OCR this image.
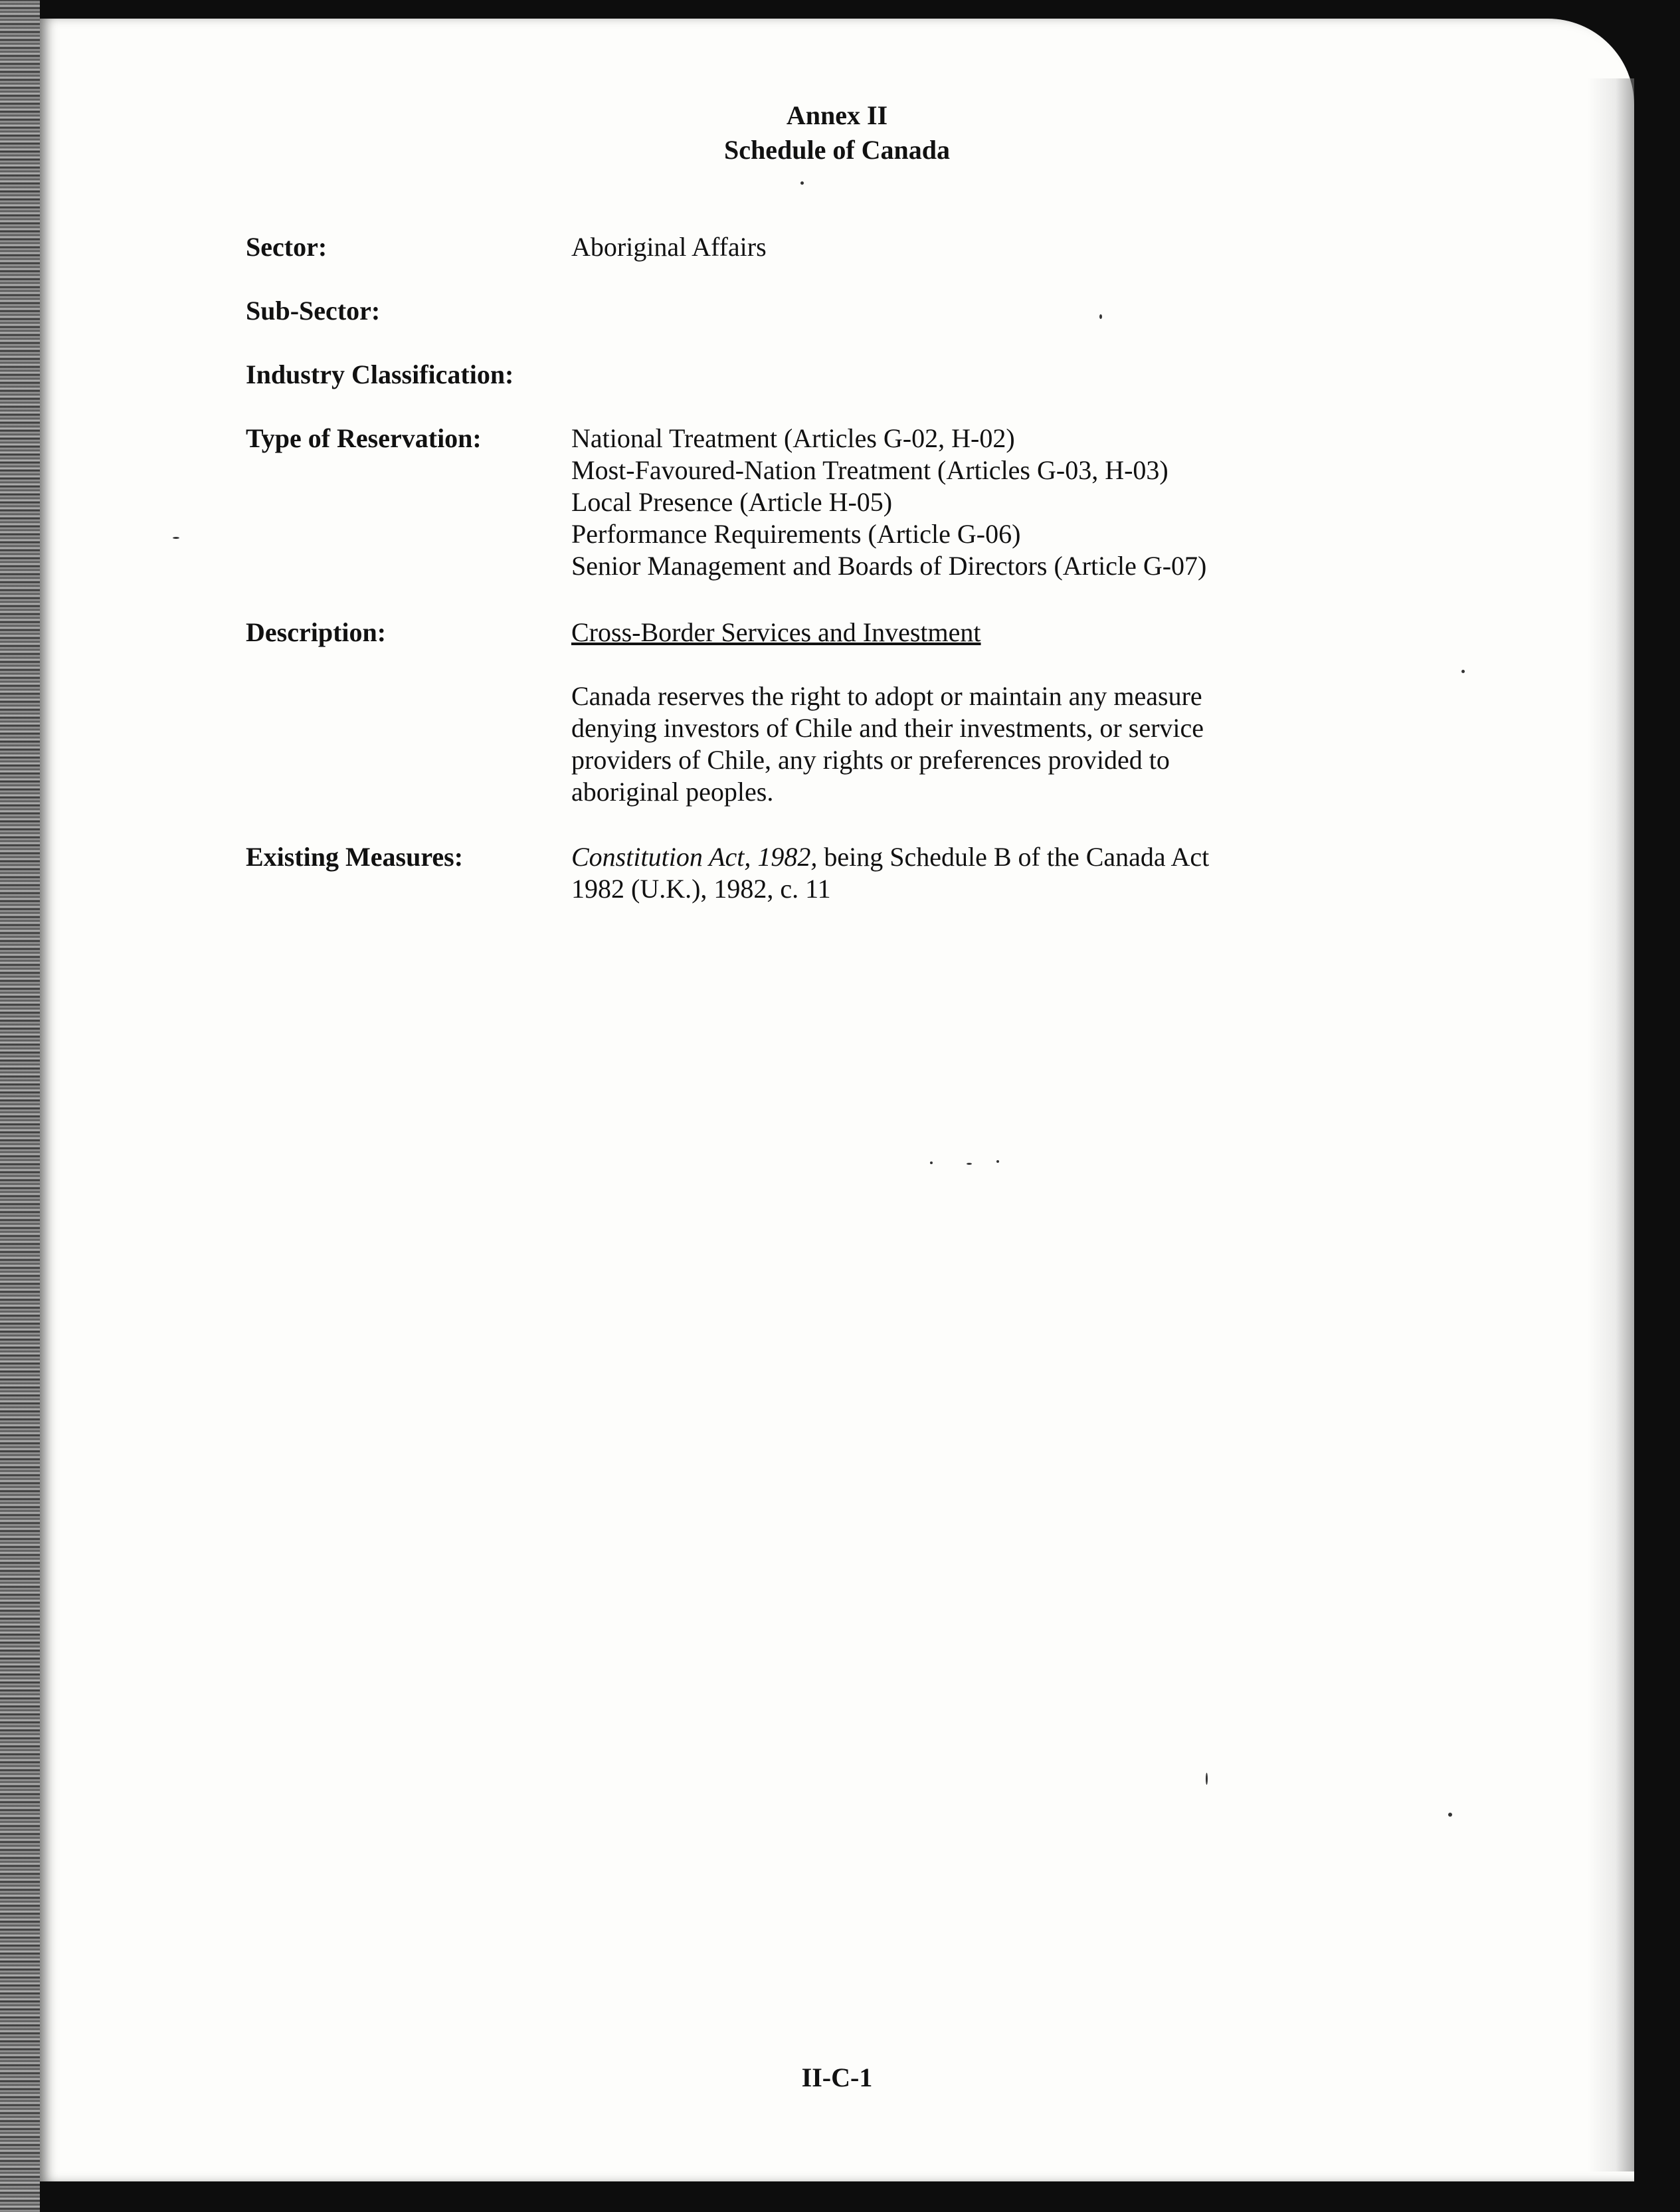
Annex II
Schedule of Canada
Sector:	Aboriginal Affairs
Sub-Sector:
Industry Classification:
Type of Reservation:	National Treatment (Articles G-02, H-02)
Most-Favoured-Nation Treatment (Articles G-03, H-03)
Local Presence (Article H-05)
Performance Requirements (Article G-06)
Senior Management and Boards of Directors (Article G-07)
Description:	Cross-Border Services and Investment
Canada reserves the right to adopt or maintain any measure
denying investors of Chile and their investments, or service
providers of Chile, any rights or preferences provided to
aboriginal peoples.
Existing Measures:	Constitution Act, 1982, being Schedule B of the Canada Act
1982 (U.K.), 1982, c. 11
II-C-1
